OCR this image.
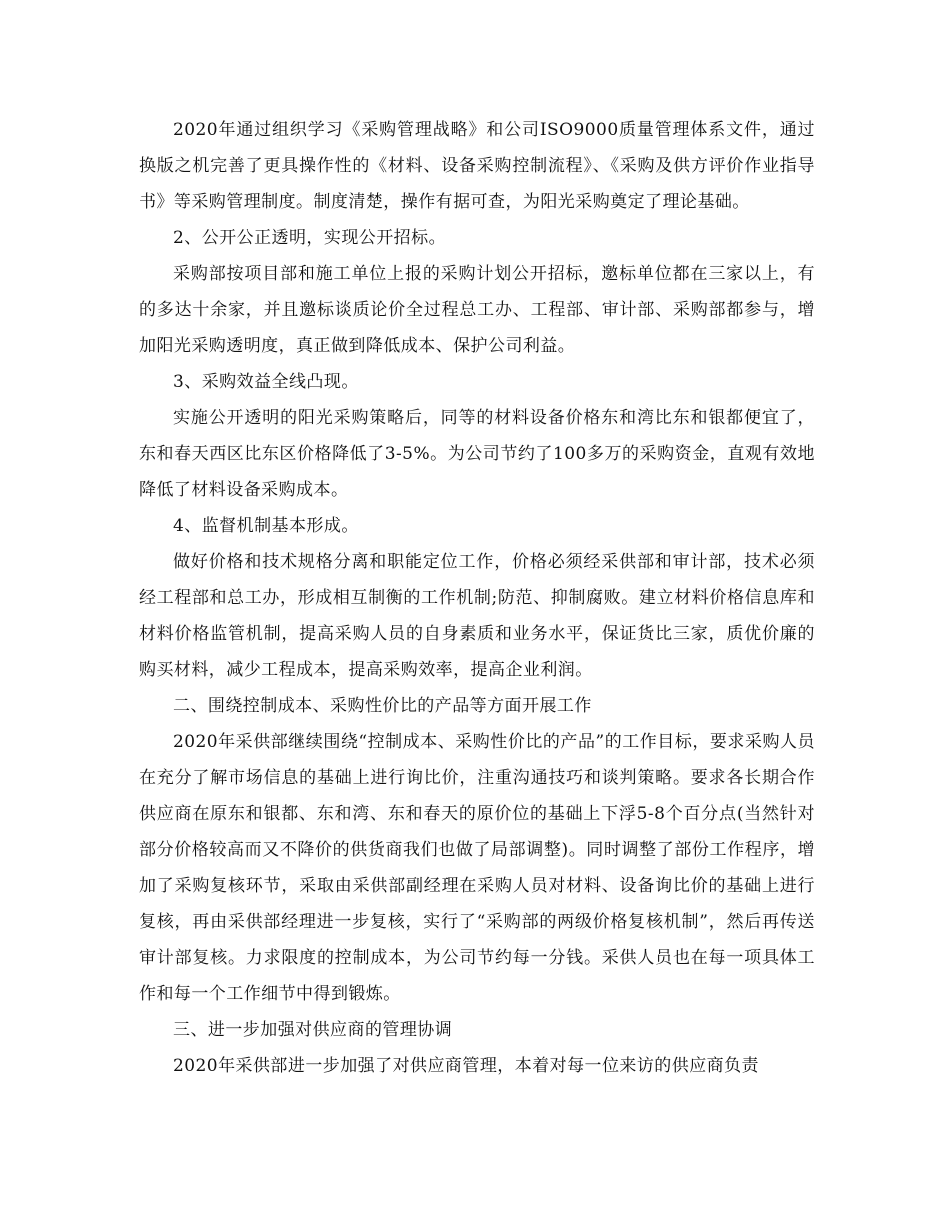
2020年通过组织学习《采购管理战略》和公司ISO9000质量管理体系文件，通过换版之机完善了更具操作性的《材料、设备采购控制流程》、《采购及供方评价作业指导书》等采购管理制度。制度清楚，操作有据可查，为阳光采购奠定了理论基础。

2、公开公正透明，实现公开招标。

采购部按项目部和施工单位上报的采购计划公开招标，邀标单位都在三家以上，有的多达十余家，并且邀标谈质论价全过程总工办、工程部、审计部、采购部都参与，增加阳光采购透明度，真正做到降低成本、保护公司利益。

3、采购效益全线凸现。

实施公开透明的阳光采购策略后，同等的材料设备价格东和湾比东和银都便宜了，东和春天西区比东区价格降低了3-5%。为公司节约了100多万的采购资金，直观有效地降低了材料设备采购成本。

4、监督机制基本形成。

做好价格和技术规格分离和职能定位工作，价格必须经采供部和审计部，技术必须经工程部和总工办，形成相互制衡的工作机制;防范、抑制腐败。建立材料价格信息库和材料价格监管机制，提高采购人员的自身素质和业务水平，保证货比三家，质优价廉的购买材料，减少工程成本，提高采购效率，提高企业利润。

二、围绕控制成本、采购性价比的产品等方面开展工作

2020年采供部继续围绕“控制成本、采购性价比的产品”的工作目标，要求采购人员在充分了解市场信息的基础上进行询比价，注重沟通技巧和谈判策略。要求各长期合作供应商在原东和银都、东和湾、东和春天的原价位的基础上下浮5-8个百分点(当然针对部分价格较高而又不降价的供货商我们也做了局部调整)。同时调整了部份工作程序，增加了采购复核环节，采取由采供部副经理在采购人员对材料、设备询比价的基础上进行复核，再由采供部经理进一步复核，实行了“采购部的两级价格复核机制”，然后再传送审计部复核。力求限度的控制成本，为公司节约每一分钱。采供人员也在每一项具体工作和每一个工作细节中得到锻炼。

三、进一步加强对供应商的管理协调

2020年采供部进一步加强了对供应商管理，本着对每一位来访的供应商负责
